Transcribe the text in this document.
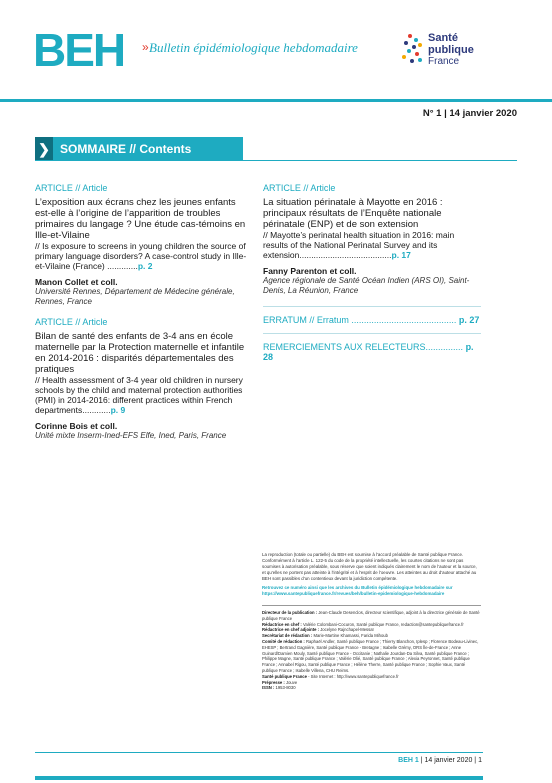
BEH » Bulletin épidémiologique hebdomadaire
Santé
publique
France
N° 1 | 14 janvier 2020
❯ SOMMAIRE // Contents
ARTICLE // Article
L’exposition aux écrans chez les jeunes enfants est-elle à l’origine de l’apparition de troubles primaires du langage ? Une étude cas-témoins en Ille-et-Vilaine
// Is exposure to screens in young children the source of primary language disorders? A case-control study in Ille-et-Vilaine (France) .............p. 2
Manon Collet et coll.
Université Rennes, Département de Médecine générale, Rennes, France
ARTICLE // Article
Bilan de santé des enfants de 3-4 ans en école maternelle par la Protection maternelle et infantile en 2014-2016 : disparités départementales des pratiques
// Health assessment of 3-4 year old children in nursery schools by the child and maternal protection authorities (PMI) in 2014-2016: different practices within French departments............p. 9
Corinne Bois et coll.
Unité mixte Inserm-Ined-EFS Elfe, Ined, Paris, France
ARTICLE // Article
La situation périnatale à Mayotte en 2016 : principaux résultats de l’Enquête nationale périnatale (ENP) et de son extension
// Mayotte’s perinatal health situation in 2016: main results of the National Perinatal Survey and its extension.......................................p. 17
Fanny Parenton et coll.
Agence régionale de Santé Océan Indien (ARS OI), Saint-Denis, La Réunion, France
ERRATUM // Erratum .......................................... p. 27
REMERCIEMENTS AUX RELECTEURS............... p. 28
La reproduction (totale ou partielle) du BEH est soumise à l’accord préalable de Santé publique France. Conformément à l’article L. 122-5 du code de la propriété intellectuelle, les courtes citations ne sont pas soumises à autorisation préalable, sous réserve que soient indiqués clairement le nom de l’auteur et la source, et qu’elles ne portent pas atteinte à l’intégrité et à l’esprit de l’oeuvre. Les atteintes au droit d’auteur attaché au BEH sont passibles d’un contentieux devant la juridiction compétente.
Retrouvez ce numéro ainsi que les archives du Bulletin épidémiologique hebdomadaire sur https://www.santepubliquefrance.fr/revues/beh/bulletin-epidemiologique-hebdomadaire
Directeur de la publication : Jean-Claude Desenclos, directeur scientifique, adjoint à la directrice générale de Santé publique France
Rédactrice en chef : Valérie Colombani-Cocuron, Santé publique France, redaction@santepubliquefrance.fr
Rédactrice en chef adjointe : Jocelyne Rajnchapel-Messaï
Secrétariat de rédaction : Marie-Martine Khamassi, Farida Mihoub
Comité de rédaction : Raphaël Andler, Santé publique France ; Thierry Blanchon, Iplesp ; Florence Bodeau-Livinec, EHESP ; Bertrand Gagnière, Santé publique France - Bretagne ; Isabelle Grémy, ORS Île-de-France ; Anne Guinard/Damien Mouly, Santé publique France - Occitanie ; Nathalie Jourdan-Da Silva, Santé publique France ; Philippe Magne, Santé publique France ; Valérie Olié, Santé publique France ; Alexia Peyronnet, Santé publique France ; Annabel Rigou, Santé publique France ; Hélène Therre, Santé publique France ; Sophie Vaux, Santé publique France ; Isabelle Villena, CHU Reims.
Santé publique France - Site Internet : http://www.santepubliquefrance.fr
Prépresse : Jouve
ISSN : 1953-8030
BEH 1 | 14 janvier 2020 | 1
